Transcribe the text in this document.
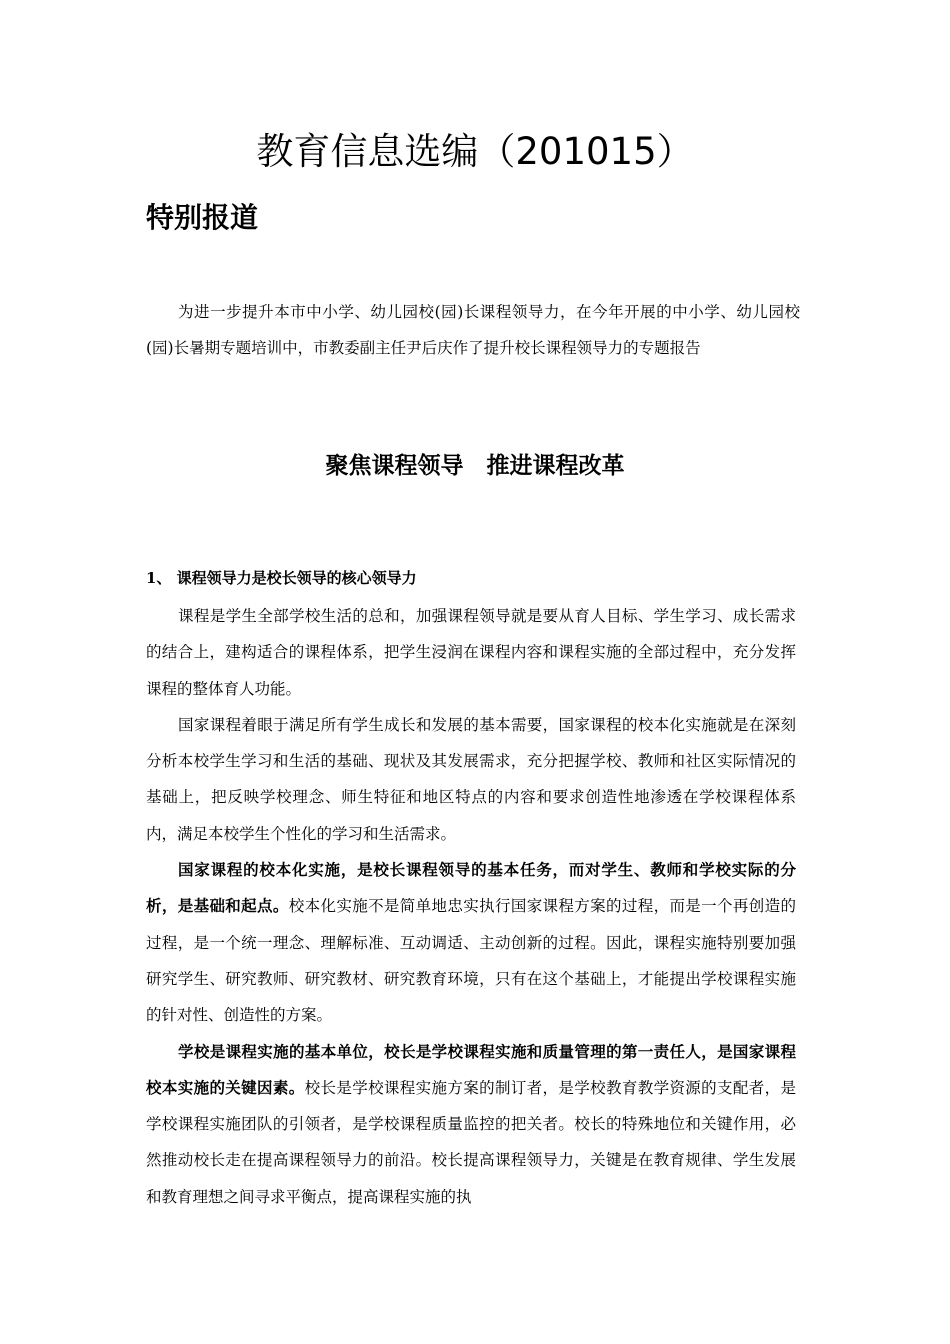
教育信息选编（201015）
特别报道

为进一步提升本市中小学、幼儿园校(园)长课程领导力，在今年开展的中小学、幼儿园校(园)长暑期专题培训中，市教委副主任尹后庆作了提升校长课程领导力的专题报告

聚焦课程领导　推进课程改革
1、 课程领导力是校长领导的核心领导力

课程是学生全部学校生活的总和，加强课程领导就是要从育人目标、学生学习、成长需求的结合上，建构适合的课程体系，把学生浸润在课程内容和课程实施的全部过程中，充分发挥课程的整体育人功能。

国家课程着眼于满足所有学生成长和发展的基本需要，国家课程的校本化实施就是在深刻分析本校学生学习和生活的基础、现状及其发展需求，充分把握学校、教师和社区实际情况的基础上，把反映学校理念、师生特征和地区特点的内容和要求创造性地渗透在学校课程体系内，满足本校学生个性化的学习和生活需求。

国家课程的校本化实施，是校长课程领导的基本任务，而对学生、教师和学校实际的分析，是基础和起点。校本化实施不是简单地忠实执行国家课程方案的过程，而是一个再创造的过程，是一个统一理念、理解标准、互动调适、主动创新的过程。因此，课程实施特别要加强研究学生、研究教师、研究教材、研究教育环境，只有在这个基础上，才能提出学校课程实施的针对性、创造性的方案。

学校是课程实施的基本单位，校长是学校课程实施和质量管理的第一责任人，是国家课程校本实施的关键因素。校长是学校课程实施方案的制订者，是学校教育教学资源的支配者，是学校课程实施团队的引领者，是学校课程质量监控的把关者。校长的特殊地位和关键作用，必然推动校长走在提高课程领导力的前沿。校长提高课程领导力，关键是在教育规律、学生发展和教育理想之间寻求平衡点，提高课程实施的执
